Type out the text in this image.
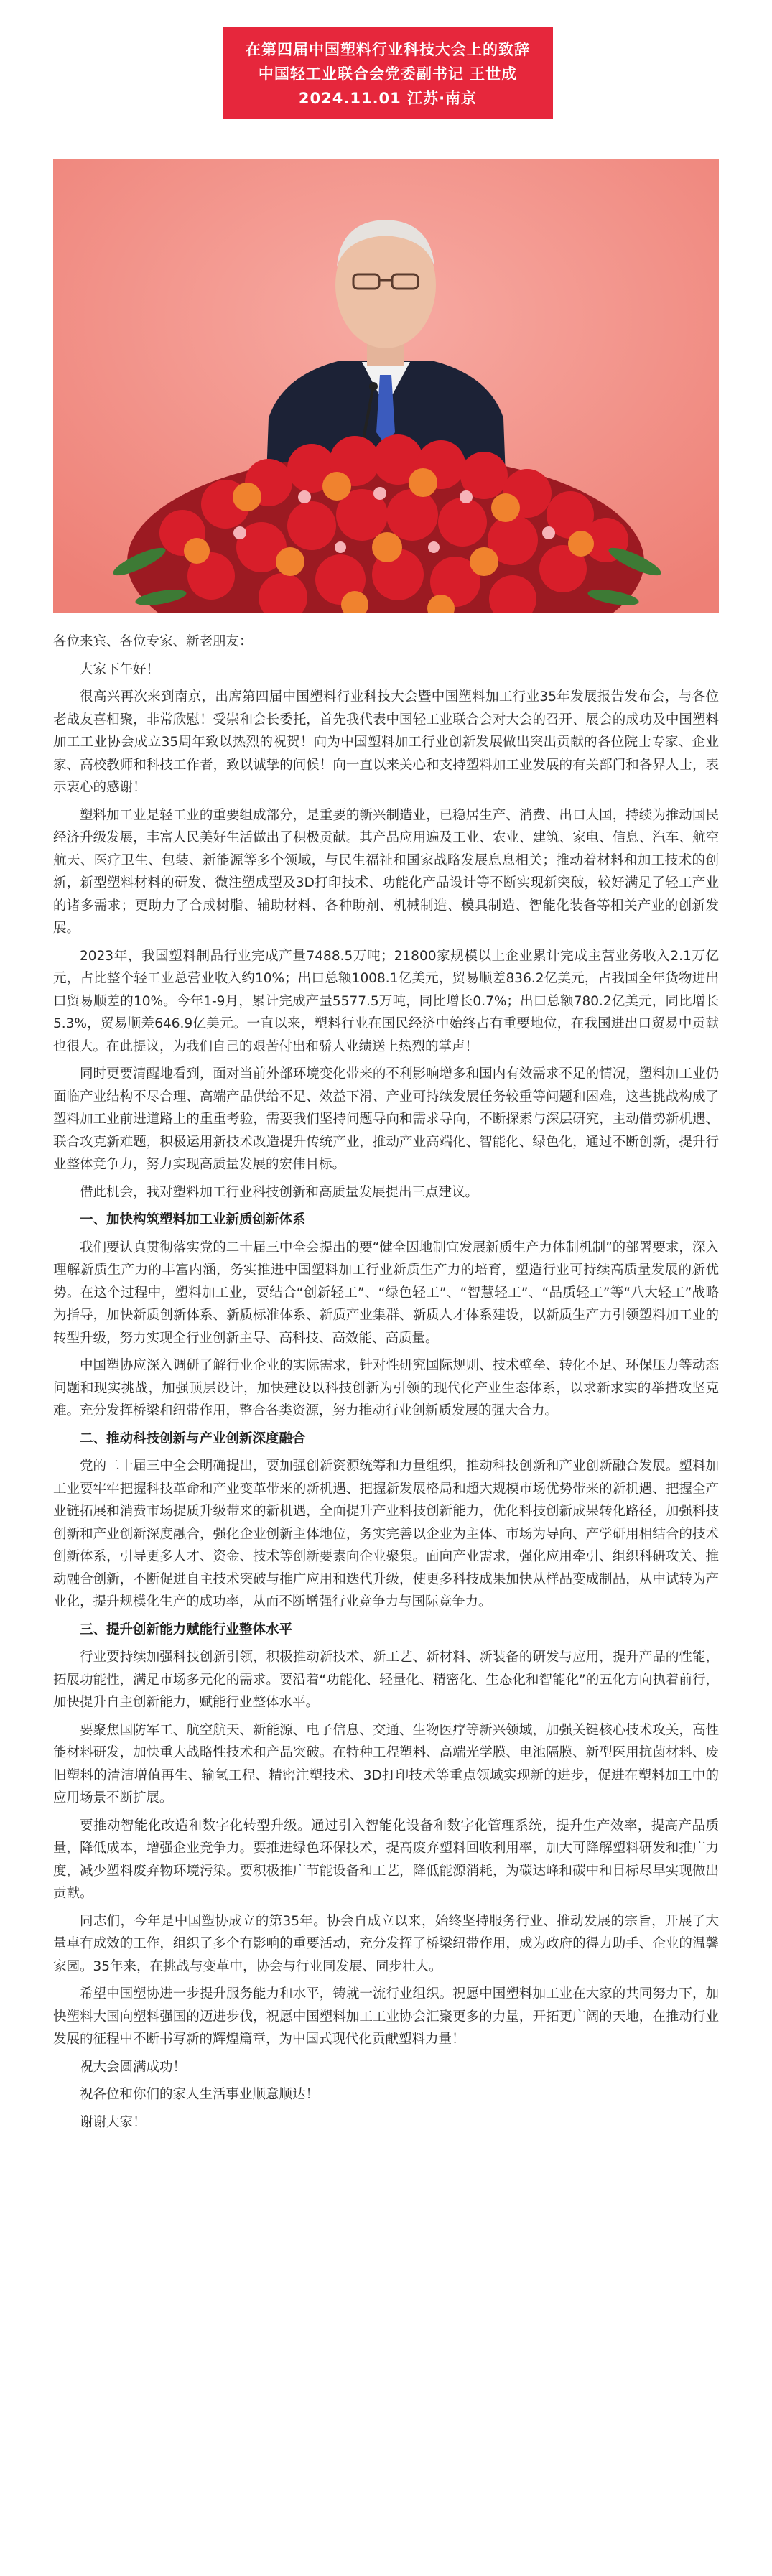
在第四届中国塑料行业科技大会上的致辞
中国轻工业联合会党委副书记 王世成
2024.11.01 江苏·南京

各位来宾、各位专家、新老朋友：

大家下午好！

很高兴再次来到南京，出席第四届中国塑料行业科技大会暨中国塑料加工行业35年发展报告发布会，与各位老战友喜相聚，非常欣慰！受崇和会长委托，首先我代表中国轻工业联合会对大会的召开、展会的成功及中国塑料加工工业协会成立35周年致以热烈的祝贺！向为中国塑料加工行业创新发展做出突出贡献的各位院士专家、企业家、高校教师和科技工作者，致以诚挚的问候！向一直以来关心和支持塑料加工业发展的有关部门和各界人士，表示衷心的感谢！

塑料加工业是轻工业的重要组成部分，是重要的新兴制造业，已稳居生产、消费、出口大国，持续为推动国民经济升级发展，丰富人民美好生活做出了积极贡献。其产品应用遍及工业、农业、建筑、家电、信息、汽车、航空航天、医疗卫生、包装、新能源等多个领域，与民生福祉和国家战略发展息息相关；推动着材料和加工技术的创新，新型塑料材料的研发、微注塑成型及3D打印技术、功能化产品设计等不断实现新突破，较好满足了轻工产业的诸多需求；更助力了合成树脂、辅助材料、各种助剂、机械制造、模具制造、智能化装备等相关产业的创新发展。

2023年，我国塑料制品行业完成产量7488.5万吨；21800家规模以上企业累计完成主营业务收入2.1万亿元，占比整个轻工业总营业收入约10%；出口总额1008.1亿美元，贸易顺差836.2亿美元，占我国全年货物进出口贸易顺差的10%。今年1-9月，累计完成产量5577.5万吨，同比增长0.7%；出口总额780.2亿美元，同比增长5.3%，贸易顺差646.9亿美元。一直以来，塑料行业在国民经济中始终占有重要地位，在我国进出口贸易中贡献也很大。在此提议，为我们自己的艰苦付出和骄人业绩送上热烈的掌声！

同时更要清醒地看到，面对当前外部环境变化带来的不利影响增多和国内有效需求不足的情况，塑料加工业仍面临产业结构不尽合理、高端产品供给不足、效益下滑、产业可持续发展任务较重等问题和困难，这些挑战构成了塑料加工业前进道路上的重重考验，需要我们坚持问题导向和需求导向，不断探索与深层研究，主动借势新机遇、联合攻克新难题，积极运用新技术改造提升传统产业，推动产业高端化、智能化、绿色化，通过不断创新，提升行业整体竞争力，努力实现高质量发展的宏伟目标。

借此机会，我对塑料加工行业科技创新和高质量发展提出三点建议。

一、加快构筑塑料加工业新质创新体系

我们要认真贯彻落实党的二十届三中全会提出的要“健全因地制宜发展新质生产力体制机制”的部署要求，深入理解新质生产力的丰富内涵，务实推进中国塑料加工行业新质生产力的培育，塑造行业可持续高质量发展的新优势。在这个过程中，塑料加工业，要结合“创新轻工”、“绿色轻工”、“智慧轻工”、“品质轻工”等“八大轻工”战略为指导，加快新质创新体系、新质标准体系、新质产业集群、新质人才体系建设，以新质生产力引领塑料加工业的转型升级，努力实现全行业创新主导、高科技、高效能、高质量。

中国塑协应深入调研了解行业企业的实际需求，针对性研究国际规则、技术壁垒、转化不足、环保压力等动态问题和现实挑战，加强顶层设计，加快建设以科技创新为引领的现代化产业生态体系，以求新求实的举措攻坚克难。充分发挥桥梁和纽带作用，整合各类资源，努力推动行业创新质发展的强大合力。

二、推动科技创新与产业创新深度融合

党的二十届三中全会明确提出，要加强创新资源统筹和力量组织，推动科技创新和产业创新融合发展。塑料加工业要牢牢把握科技革命和产业变革带来的新机遇、把握新发展格局和超大规模市场优势带来的新机遇、把握全产业链拓展和消费市场提质升级带来的新机遇，全面提升产业科技创新能力，优化科技创新成果转化路径，加强科技创新和产业创新深度融合，强化企业创新主体地位，务实完善以企业为主体、市场为导向、产学研用相结合的技术创新体系，引导更多人才、资金、技术等创新要素向企业聚集。面向产业需求，强化应用牵引、组织科研攻关、推动融合创新，不断促进自主技术突破与推广应用和迭代升级，使更多科技成果加快从样品变成制品，从中试转为产业化，提升规模化生产的成功率，从而不断增强行业竞争力与国际竞争力。

三、提升创新能力赋能行业整体水平

行业要持续加强科技创新引领，积极推动新技术、新工艺、新材料、新装备的研发与应用，提升产品的性能，拓展功能性，满足市场多元化的需求。要沿着“功能化、轻量化、精密化、生态化和智能化”的五化方向执着前行，加快提升自主创新能力，赋能行业整体水平。

要聚焦国防军工、航空航天、新能源、电子信息、交通、生物医疗等新兴领域，加强关键核心技术攻关，高性能材料研发，加快重大战略性技术和产品突破。在特种工程塑料、高端光学膜、电池隔膜、新型医用抗菌材料、废旧塑料的清洁增值再生、输氢工程、精密注塑技术、3D打印技术等重点领域实现新的进步，促进在塑料加工中的应用场景不断扩展。

要推动智能化改造和数字化转型升级。通过引入智能化设备和数字化管理系统，提升生产效率，提高产品质量，降低成本，增强企业竞争力。要推进绿色环保技术，提高废弃塑料回收利用率，加大可降解塑料研发和推广力度，减少塑料废弃物环境污染。要积极推广节能设备和工艺，降低能源消耗，为碳达峰和碳中和目标尽早实现做出贡献。

同志们，今年是中国塑协成立的第35年。协会自成立以来，始终坚持服务行业、推动发展的宗旨，开展了大量卓有成效的工作，组织了多个有影响的重要活动，充分发挥了桥梁纽带作用，成为政府的得力助手、企业的温馨家园。35年来，在挑战与变革中，协会与行业同发展、同步壮大。

希望中国塑协进一步提升服务能力和水平，铸就一流行业组织。祝愿中国塑料加工业在大家的共同努力下，加快塑料大国向塑料强国的迈进步伐，祝愿中国塑料加工工业协会汇聚更多的力量，开拓更广阔的天地，在推动行业发展的征程中不断书写新的辉煌篇章，为中国式现代化贡献塑料力量！

祝大会圆满成功！

祝各位和你们的家人生活事业顺意顺达！

谢谢大家！
